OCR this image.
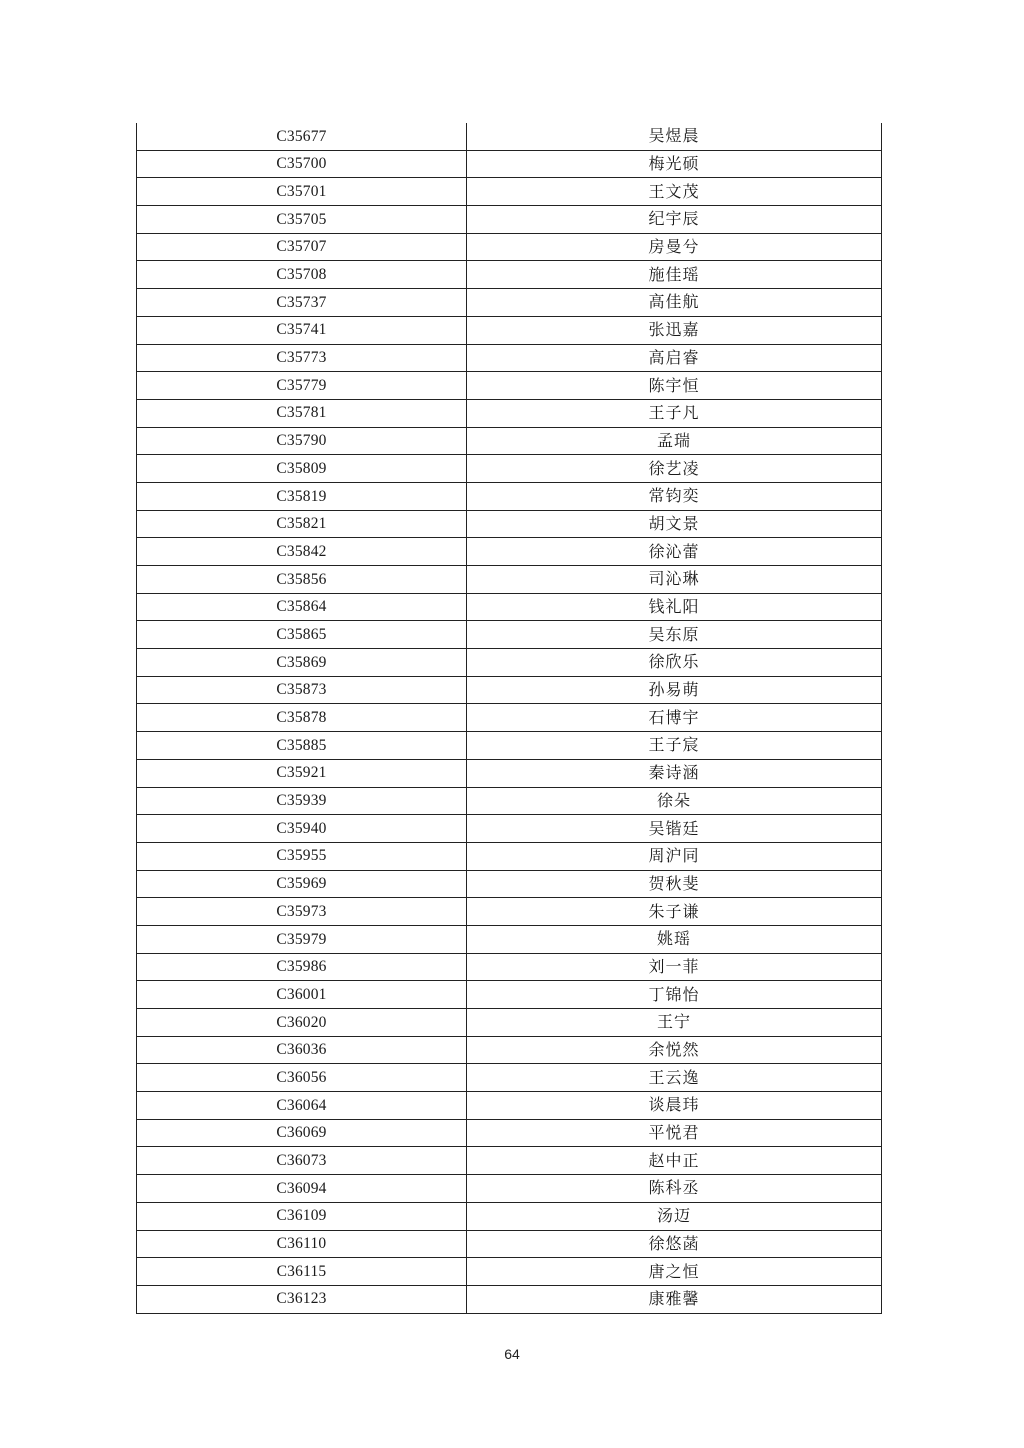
C35677	吴煜晨
C35700	梅光硕
C35701	王文茂
C35705	纪宇辰
C35707	房曼兮
C35708	施佳瑶
C35737	高佳航
C35741	张迅嘉
C35773	高启睿
C35779	陈宇恒
C35781	王子凡
C35790	孟瑞
C35809	徐艺凌
C35819	常钧奕
C35821	胡文景
C35842	徐沁蕾
C35856	司沁琳
C35864	钱礼阳
C35865	吴东原
C35869	徐欣乐
C35873	孙易萌
C35878	石博宇
C35885	王子宸
C35921	秦诗涵
C35939	徐朵
C35940	吴锴廷
C35955	周沪同
C35969	贺秋斐
C35973	朱子谦
C35979	姚瑶
C35986	刘一菲
C36001	丁锦怡
C36020	王宁
C36036	余悦然
C36056	王云逸
C36064	谈晨玮
C36069	平悦君
C36073	赵中正
C36094	陈科丞
C36109	汤迈
C36110	徐悠菡
C36115	唐之恒
C36123	康雅馨
64
